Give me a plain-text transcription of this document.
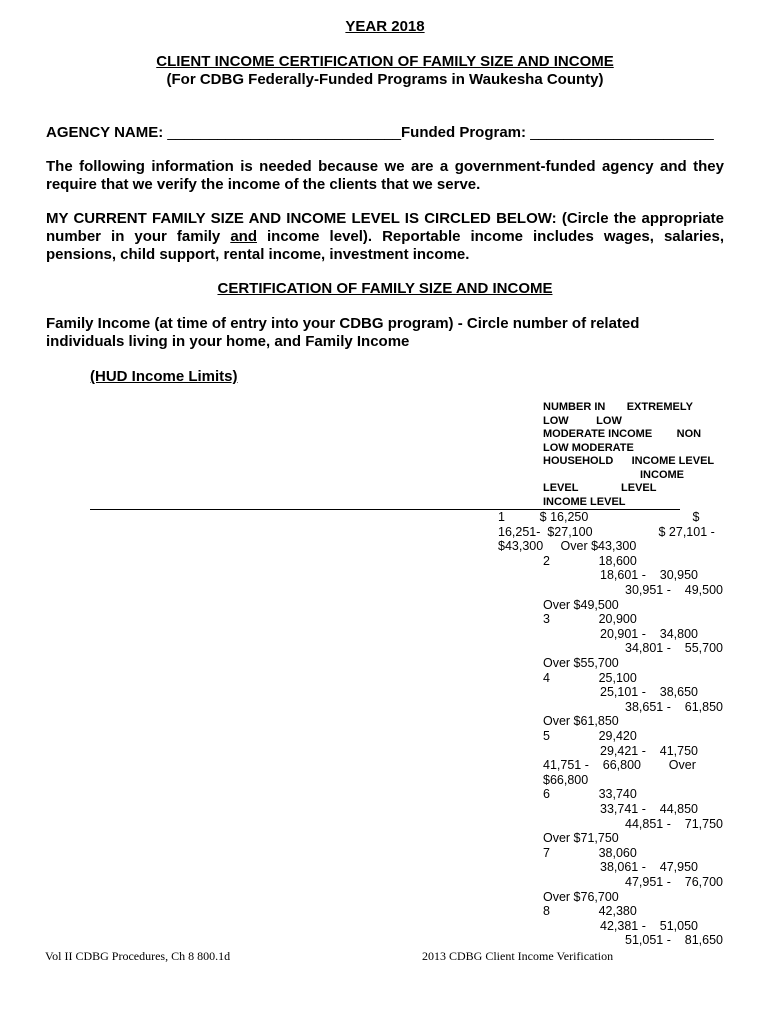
YEAR 2018

CLIENT INCOME CERTIFICATION OF FAMILY SIZE AND INCOME

(For CDBG Federally-Funded Programs in Waukesha County)

AGENCY NAME: ____________________________Funded Program: ______________________

The following information is needed because we are a government-funded agency and they require that we verify the income of the clients that we serve.

MY CURRENT FAMILY SIZE AND INCOME LEVEL IS CIRCLED BELOW: (Circle the appropriate number in your family and income level). Reportable income includes wages, salaries, pensions, child support, rental income, investment income.

CERTIFICATION OF FAMILY SIZE AND INCOME

Family Income (at time of entry into your CDBG program) - Circle number of related individuals living in your home, and Family Income

(HUD Income Limits)

NUMBER IN       EXTREMELY

LOW         LOW

MODERATE INCOME        NON

LOW MODERATE

HOUSEHOLD      INCOME LEVEL

INCOME

LEVEL              LEVEL

INCOME LEVEL

1          $ 16,250                              $

16,251-  $27,100                   $ 27,101 -

$43,300     Over $43,300

2              18,600

18,601 -    30,950

30,951 -    49,500

Over $49,500

3              20,900

20,901 -    34,800

34,801 -    55,700

Over $55,700

4              25,100

25,101 -    38,650

38,651 -    61,850

Over $61,850

5              29,420

29,421 -    41,750

41,751 -    66,800        Over

$66,800

6              33,740

33,741 -    44,850

44,851 -    71,750

Over $71,750

7              38,060

38,061 -    47,950

47,951 -    76,700

Over $76,700

8              42,380

42,381 -    51,050

51,051 -    81,650

Vol II CDBG Procedures, Ch 8 800.1d	2013 CDBG Client Income Verification
